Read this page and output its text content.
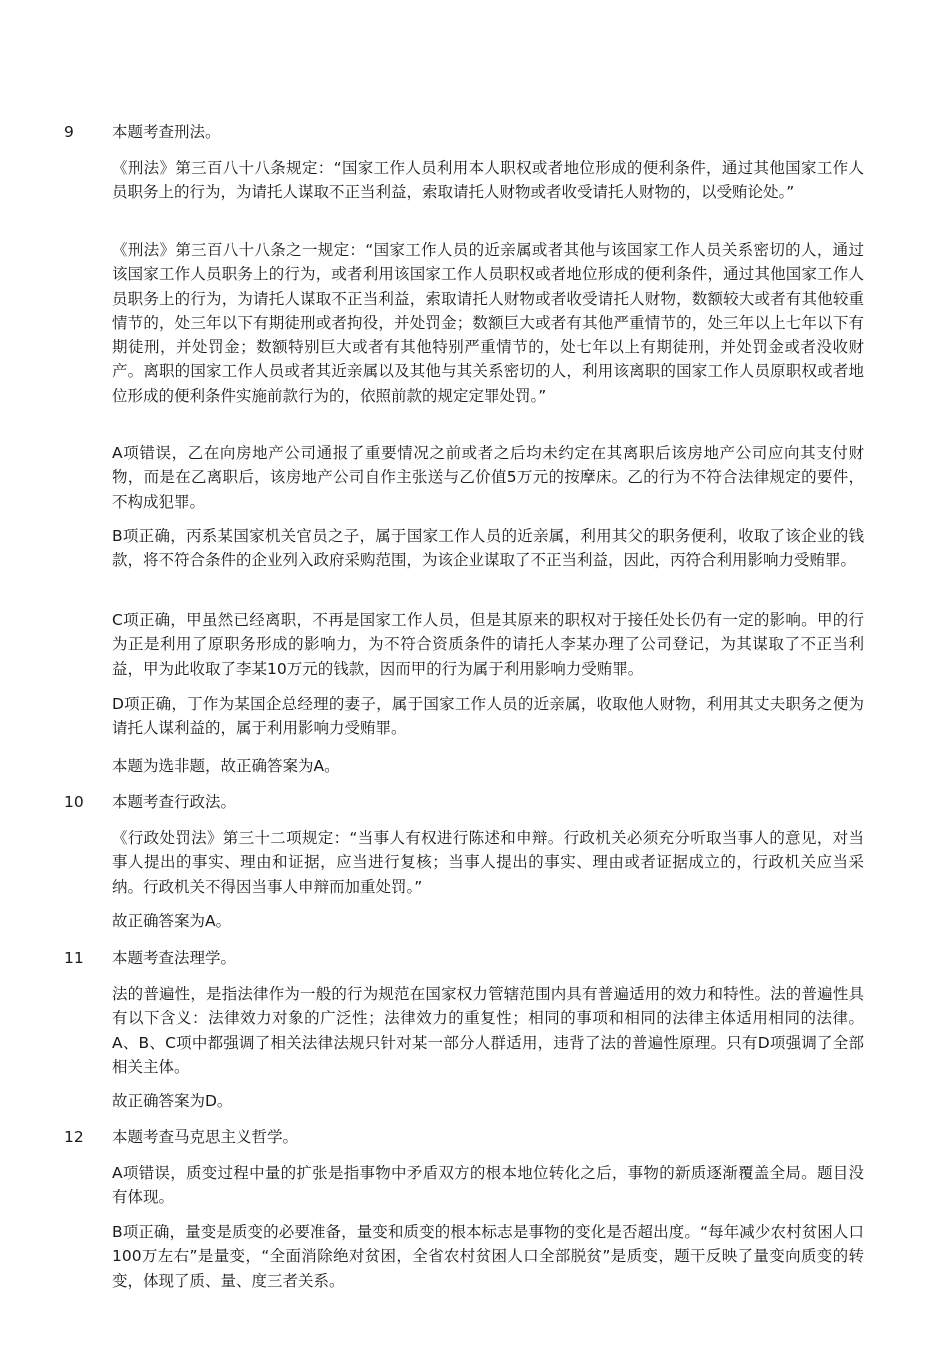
9 本题考查刑法。

《刑法》第三百八十八条规定：“国家工作人员利用本人职权或者地位形成的便利条件，通过其他国家工作人员职务上的行为，为请托人谋取不正当利益，索取请托人财物或者收受请托人财物的，以受贿论处。”

《刑法》第三百八十八条之一规定：“国家工作人员的近亲属或者其他与该国家工作人员关系密切的人，通过该国家工作人员职务上的行为，或者利用该国家工作人员职权或者地位形成的便利条件，通过其他国家工作人员职务上的行为，为请托人谋取不正当利益，索取请托人财物或者收受请托人财物，数额较大或者有其他较重情节的，处三年以下有期徒刑或者拘役，并处罚金；数额巨大或者有其他严重情节的，处三年以上七年以下有期徒刑，并处罚金；数额特别巨大或者有其他特别严重情节的，处七年以上有期徒刑，并处罚金或者没收财产。离职的国家工作人员或者其近亲属以及其他与其关系密切的人，利用该离职的国家工作人员原职权或者地位形成的便利条件实施前款行为的，依照前款的规定定罪处罚。”

A项错误，乙在向房地产公司通报了重要情况之前或者之后均未约定在其离职后该房地产公司应向其支付财物，而是在乙离职后，该房地产公司自作主张送与乙价值5万元的按摩床。乙的行为不符合法律规定的要件，不构成犯罪。

B项正确，丙系某国家机关官员之子，属于国家工作人员的近亲属，利用其父的职务便利，收取了该企业的钱款，将不符合条件的企业列入政府采购范围，为该企业谋取了不正当利益，因此，丙符合利用影响力受贿罪。

C项正确，甲虽然已经离职，不再是国家工作人员，但是其原来的职权对于接任处长仍有一定的影响。甲的行为正是利用了原职务形成的影响力，为不符合资质条件的请托人李某办理了公司登记，为其谋取了不正当利益，甲为此收取了李某10万元的钱款，因而甲的行为属于利用影响力受贿罪。

D项正确，丁作为某国企总经理的妻子，属于国家工作人员的近亲属，收取他人财物，利用其丈夫职务之便为请托人谋利益的，属于利用影响力受贿罪。

本题为选非题，故正确答案为A。

10 本题考查行政法。

《行政处罚法》第三十二项规定：“当事人有权进行陈述和申辩。行政机关必须充分听取当事人的意见，对当事人提出的事实、理由和证据，应当进行复核；当事人提出的事实、理由或者证据成立的，行政机关应当采纳。行政机关不得因当事人申辩而加重处罚。”

故正确答案为A。

11 本题考查法理学。

法的普遍性，是指法律作为一般的行为规范在国家权力管辖范围内具有普遍适用的效力和特性。法的普遍性具有以下含义：法律效力对象的广泛性；法律效力的重复性；相同的事项和相同的法律主体适用相同的法律。A、B、C项中都强调了相关法律法规只针对某一部分人群适用，违背了法的普遍性原理。只有D项强调了全部相关主体。

故正确答案为D。

12 本题考查马克思主义哲学。

A项错误，质变过程中量的扩张是指事物中矛盾双方的根本地位转化之后，事物的新质逐渐覆盖全局。题目没有体现。

B项正确，量变是质变的必要准备，量变和质变的根本标志是事物的变化是否超出度。“每年减少农村贫困人口100万左右”是量变，“全面消除绝对贫困，全省农村贫困人口全部脱贫”是质变，题干反映了量变向质变的转变，体现了质、量、度三者关系。
